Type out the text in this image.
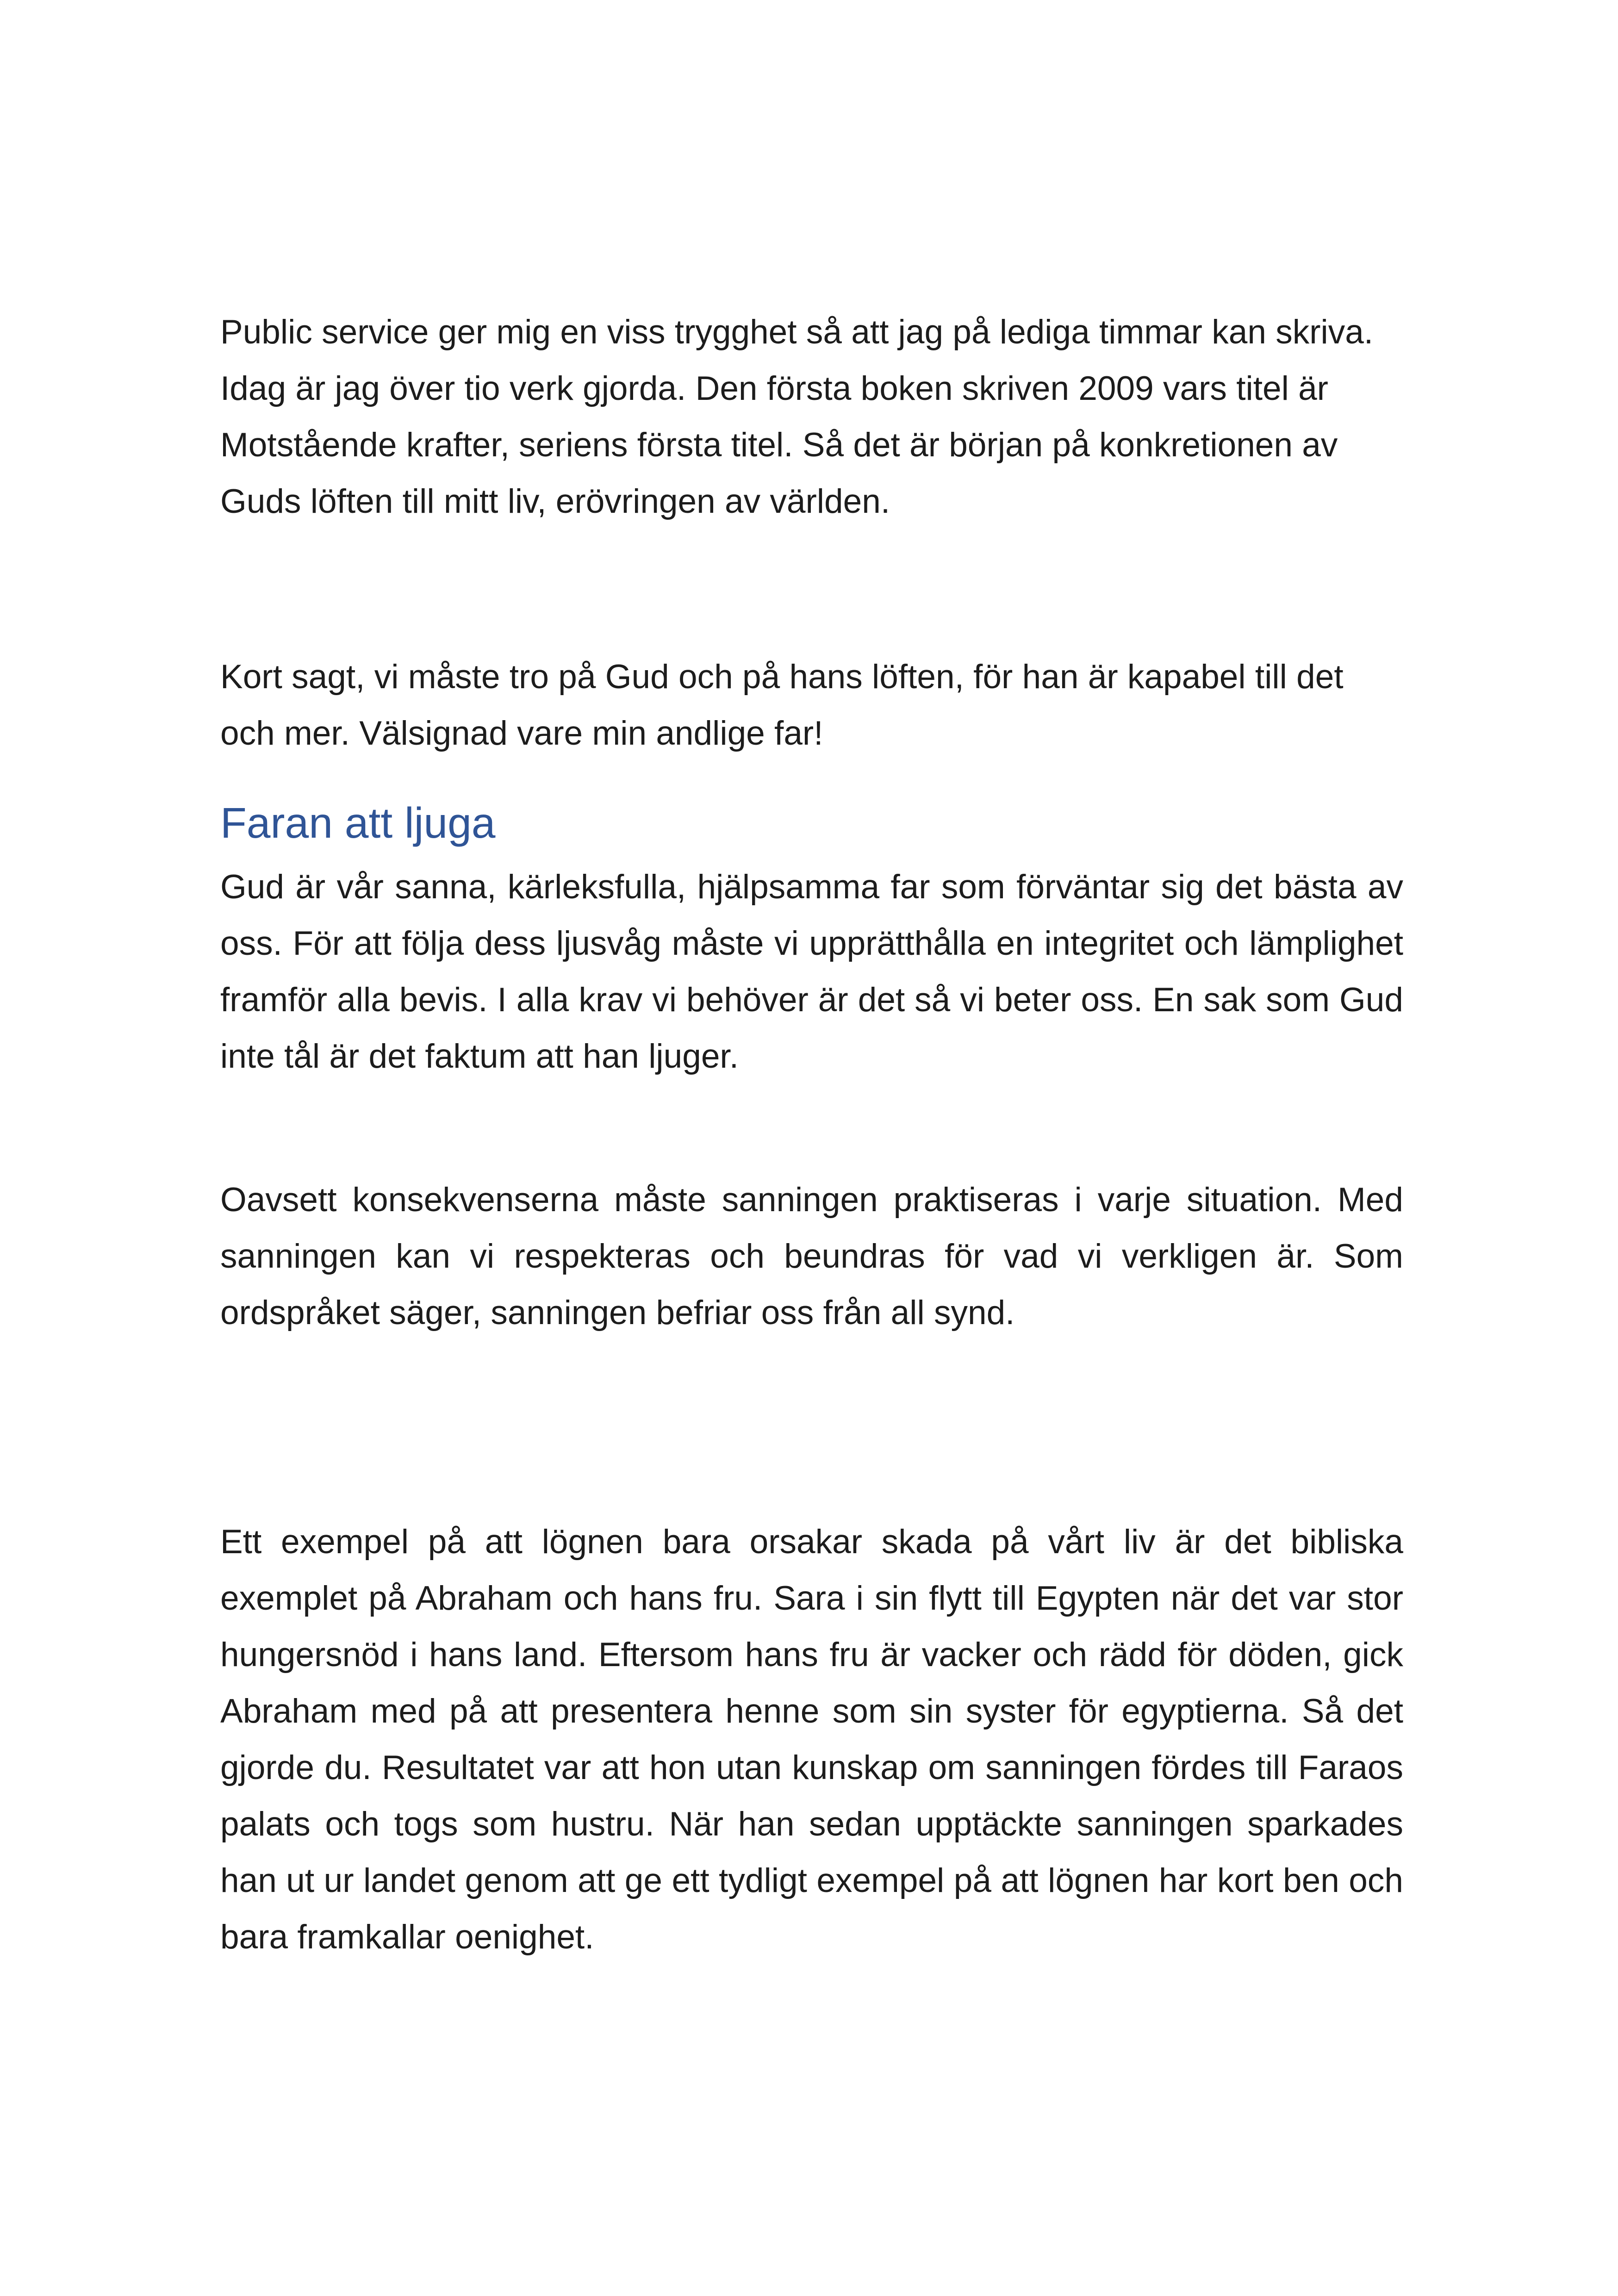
Public service ger mig en viss trygghet så att jag på lediga timmar kan skriva. Idag är jag över tio verk gjorda. Den första boken skriven 2009 vars titel är Motstående krafter, seriens första titel. Så det är början på konkretionen av Guds löften till mitt liv, erövringen av världen.

Kort sagt, vi måste tro på Gud och på hans löften, för han är kapabel till det och mer. Välsignad vare min andlige far!

Faran att ljuga

Gud är vår sanna, kärleksfulla, hjälpsamma far som förväntar sig det bästa av oss. För att följa dess ljusvåg måste vi upprätthålla en integritet och lämplighet framför alla bevis. I alla krav vi behöver är det så vi beter oss. En sak som Gud inte tål är det faktum att han ljuger.

Oavsett konsekvenserna måste sanningen praktiseras i varje situation. Med sanningen kan vi respekteras och beundras för vad vi verkligen är. Som ordspråket säger, sanningen befriar oss från all synd.

Ett exempel på att lögnen bara orsakar skada på vårt liv är det bibliska exemplet på Abraham och hans fru. Sara i sin flytt till Egypten när det var stor hungersnöd i hans land. Eftersom hans fru är vacker och rädd för döden, gick Abraham med på att presentera henne som sin syster för egyptierna. Så det gjorde du. Resultatet var att hon utan kunskap om sanningen fördes till Faraos palats och togs som hustru. När han sedan upptäckte sanningen sparkades han ut ur landet genom att ge ett tydligt exempel på att lögnen har kort ben och bara framkallar oenighet.
